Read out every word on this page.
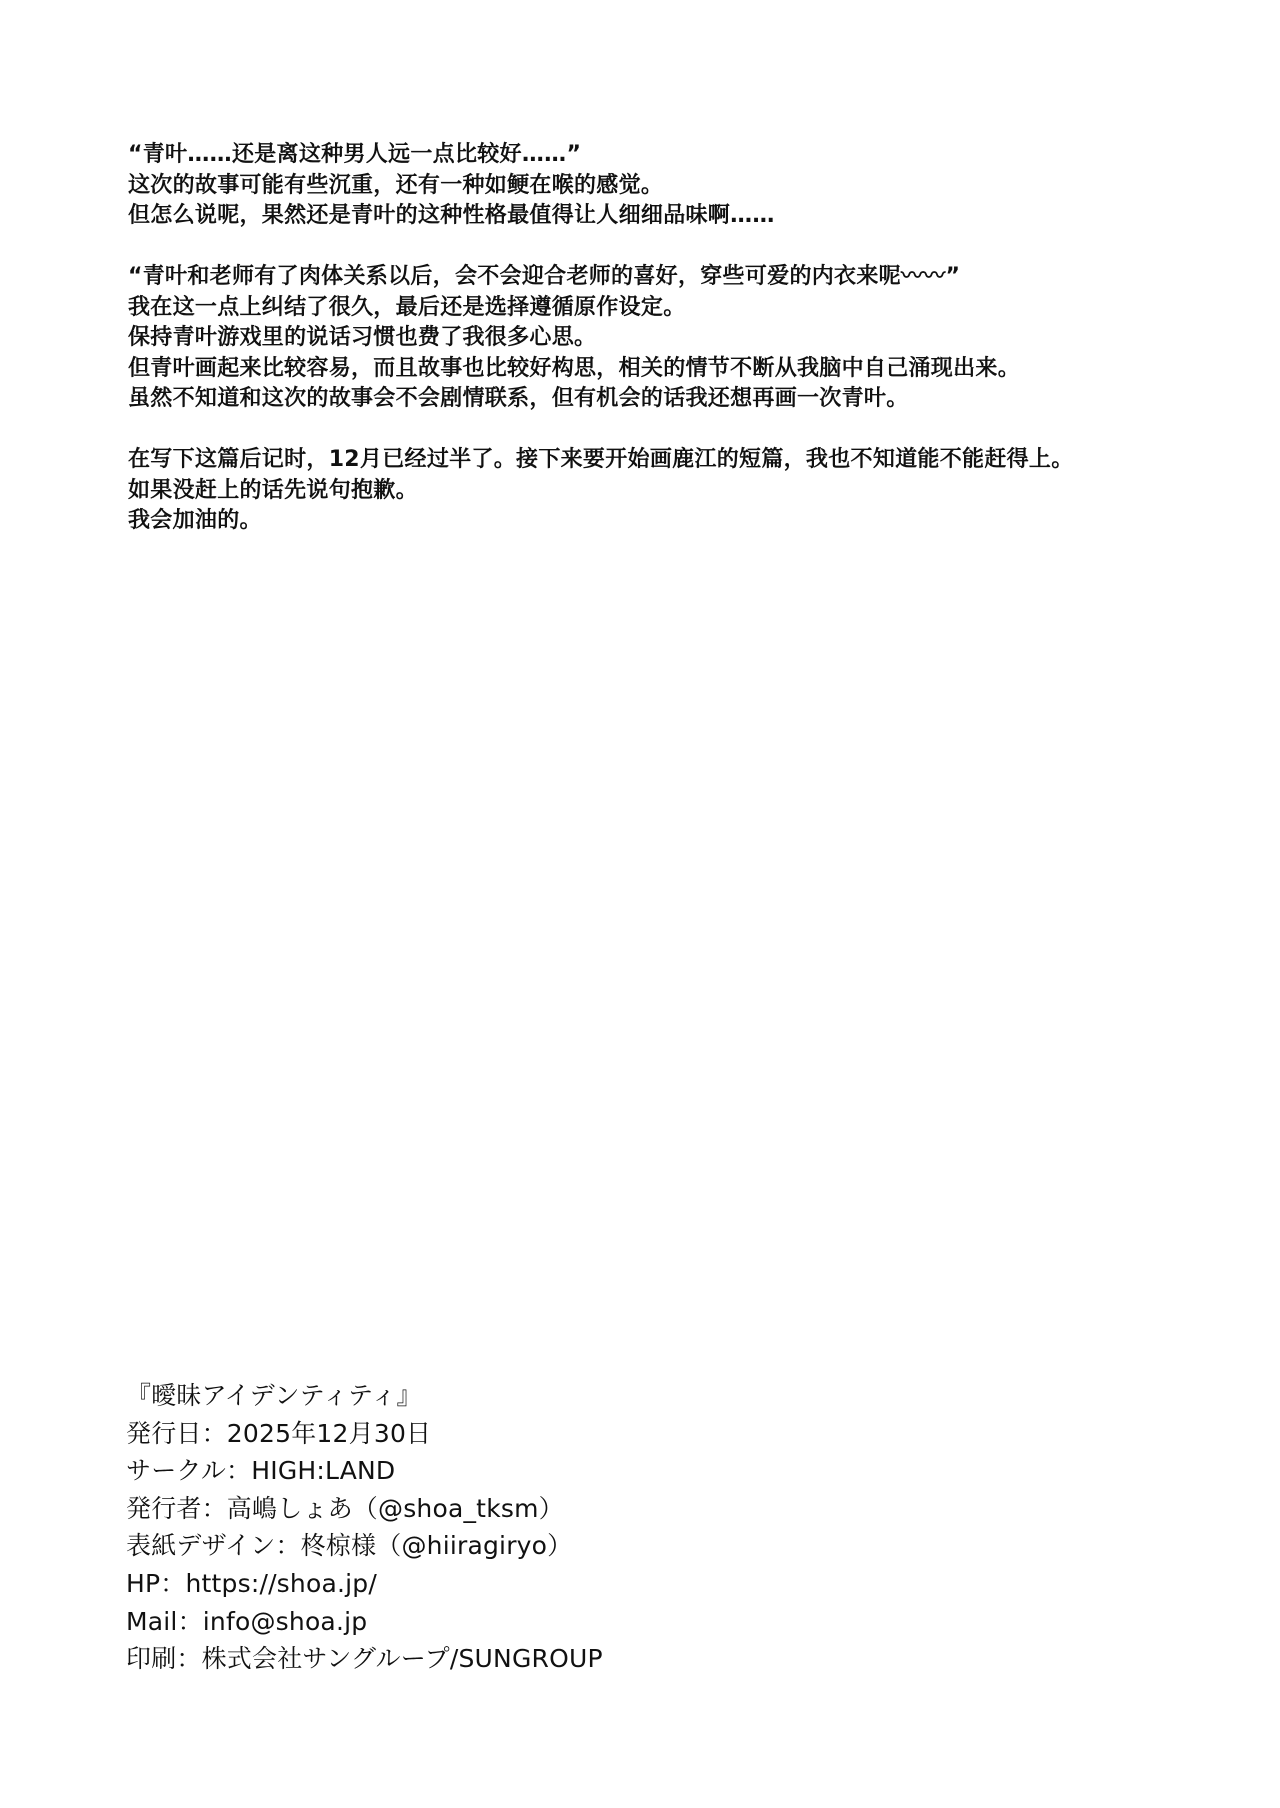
“青叶……还是离这种男人远一点比较好……”
这次的故事可能有些沉重，还有一种如鲠在喉的感觉。
但怎么说呢，果然还是青叶的这种性格最值得让人细细品味啊……

“青叶和老师有了肉体关系以后，会不会迎合老师的喜好，穿些可爱的内衣来呢〰〰”
我在这一点上纠结了很久，最后还是选择遵循原作设定。
保持青叶游戏里的说话习惯也费了我很多心思。
但青叶画起来比较容易，而且故事也比较好构思，相关的情节不断从我脑中自己涌现出来。
虽然不知道和这次的故事会不会剧情联系，但有机会的话我还想再画一次青叶。

在写下这篇后记时，12月已经过半了。接下来要开始画鹿江的短篇，我也不知道能不能赶得上。
如果没赶上的话先说句抱歉。
我会加油的。

『曖昧アイデンティティ』
発行日：2025年12月30日
サークル：HIGH:LAND
発行者：高嶋しょあ（@shoa_tksm）
表紙デザイン：柊椋様（@hiiragiryo）
HP：https://shoa.jp/
Mail：info@shoa.jp
印刷：株式会社サングループ/SUNGROUP
